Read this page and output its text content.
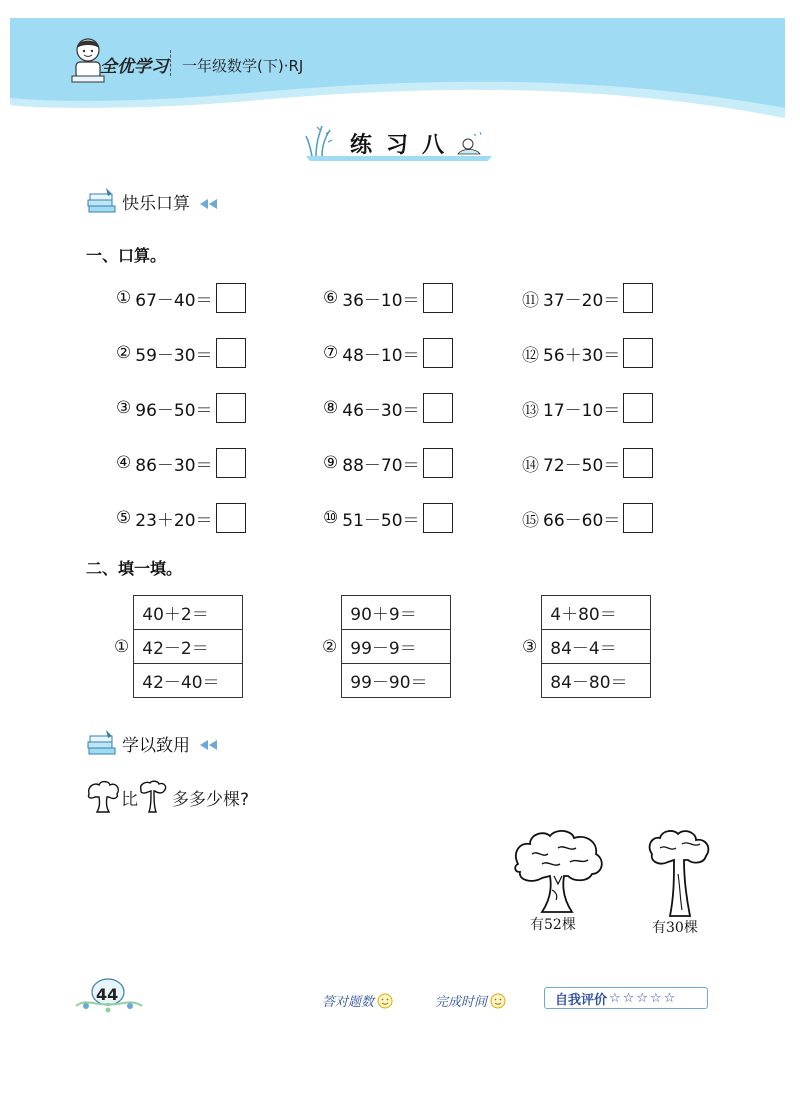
全优学习 一年级数学(下)·RJ
练习八
快乐口算
一、口算。
① 67－40＝
② 59－30＝
③ 96－50＝
④ 86－30＝
⑤ 23＋20＝
⑥ 36－10＝
⑦ 48－10＝
⑧ 46－30＝
⑨ 88－70＝
⑩ 51－50＝
⑪ 37－20＝
⑫ 56＋30＝
⑬ 17－10＝
⑭ 72－50＝
⑮ 66－60＝
二、填一填。
①
40＋2＝
42－2＝
42－40＝
②
90＋9＝
99－9＝
99－90＝
③
4＋80＝
84－4＝
84－80＝
学以致用
比 多多少棵?
有52棵	有30棵
44	答对题数	完成时间	自我评价 ☆☆☆☆☆
